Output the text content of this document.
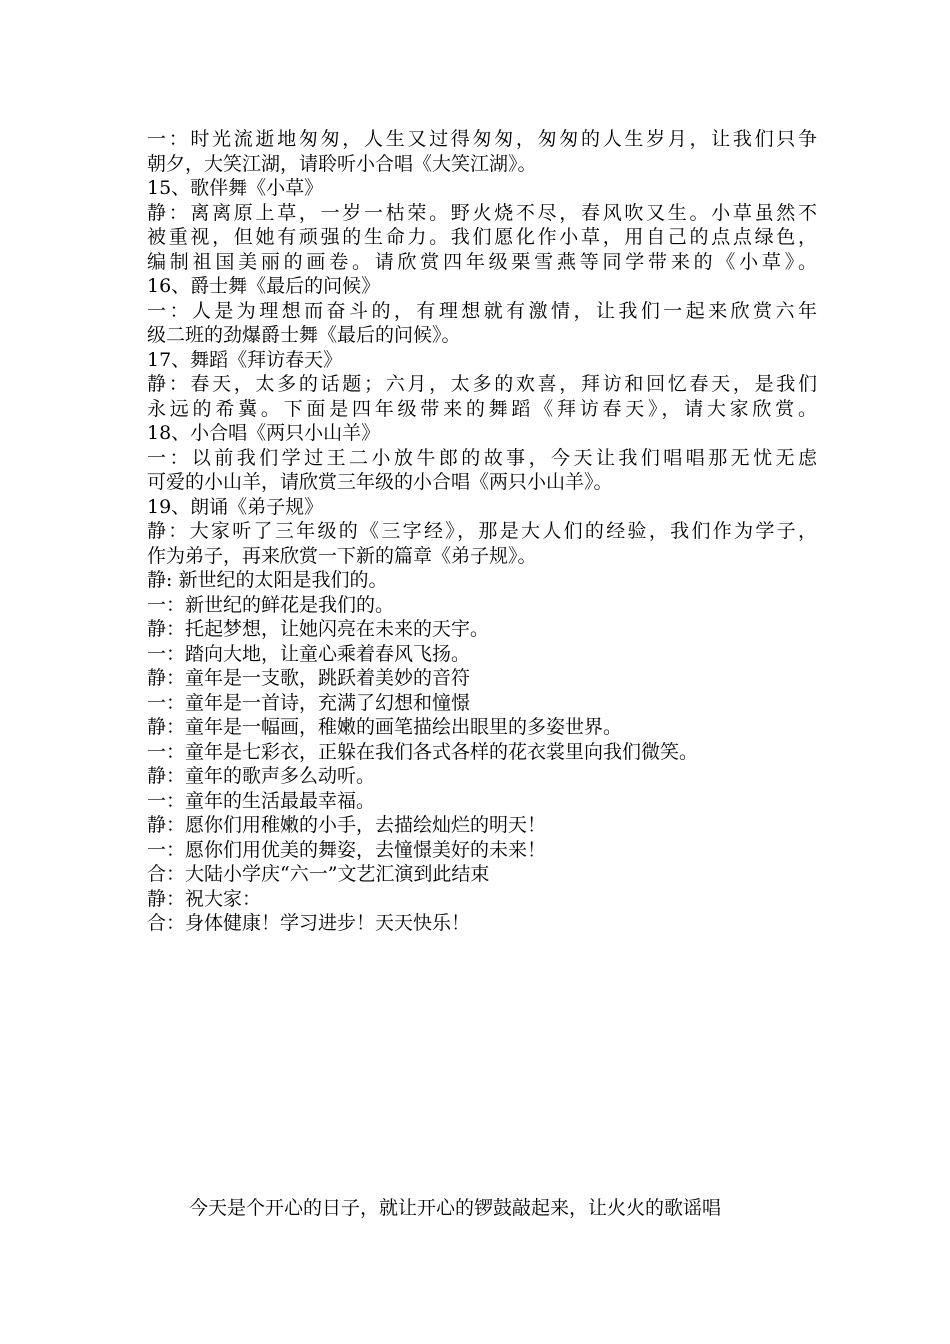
一：时光流逝地匆匆，人生又过得匆匆，匆匆的人生岁月，让我们只争
朝夕，大笑江湖，请聆听小合唱《大笑江湖》。
15、歌伴舞《小草》
静：离离原上草，一岁一枯荣。野火烧不尽，春风吹又生。小草虽然不
被重视，但她有顽强的生命力。我们愿化作小草，用自己的点点绿色，
编制祖国美丽的画卷。请欣赏四年级栗雪燕等同学带来的《小草》。
16、爵士舞《最后的问候》
一：人是为理想而奋斗的，有理想就有激情，让我们一起来欣赏六年
级二班的劲爆爵士舞《最后的问候》。
17、舞蹈《拜访春天》
静：春天，太多的话题；六月，太多的欢喜，拜访和回忆春天，是我们
永远的希冀。下面是四年级带来的舞蹈《拜访春天》，请大家欣赏。
18、小合唱《两只小山羊》
一：以前我们学过王二小放牛郎的故事，今天让我们唱唱那无忧无虑
可爱的小山羊，请欣赏三年级的小合唱《两只小山羊》。
19、朗诵《弟子规》
静：大家听了三年级的《三字经》，那是大人们的经验，我们作为学子，
作为弟子，再来欣赏一下新的篇章《弟子规》。
静: 新世纪的太阳是我们的。
一：新世纪的鲜花是我们的。
静：托起梦想，让她闪亮在未来的天宇。
一：踏向大地，让童心乘着春风飞扬。
静：童年是一支歌，跳跃着美妙的音符
一：童年是一首诗，充满了幻想和憧憬
静：童年是一幅画，稚嫩的画笔描绘出眼里的多姿世界。
一：童年是七彩衣，正躲在我们各式各样的花衣裳里向我们微笑。
静：童年的歌声多么动听。
一：童年的生活最最幸福。
静：愿你们用稚嫩的小手，去描绘灿烂的明天！
一：愿你们用优美的舞姿，去憧憬美好的未来！
合：大陆小学庆“六一”文艺汇演到此结束
静：祝大家：
合：身体健康！学习进步！天天快乐！
今天是个开心的日子，就让开心的锣鼓敲起来，让火火的歌谣唱
